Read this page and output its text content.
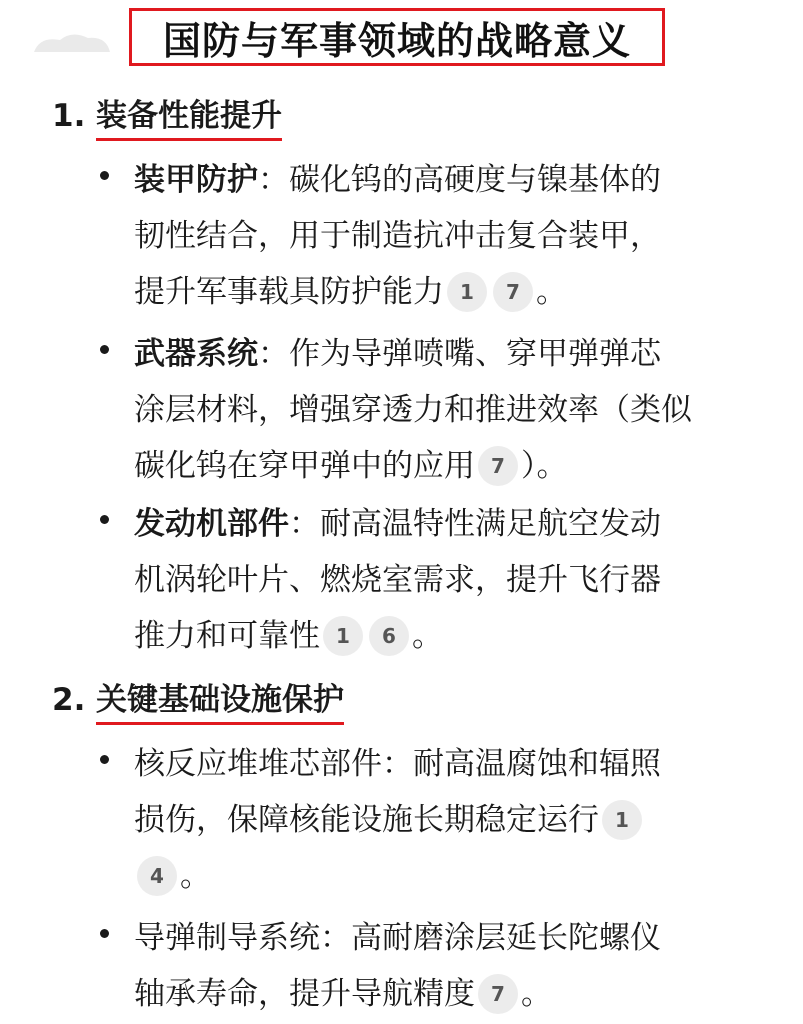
国防与军事领域的战略意义
1. 装备性能提升
装甲防护 ：碳化钨的高硬度与镍基体的
韧性结合，用于制造抗冲击复合装甲，
提升军事载具防护能力 1	7 。
武器系统 ：作为导弹喷嘴、穿甲弹弹芯
涂层材料，增强穿透力和推进效率（类似
碳化钨在穿甲弹中的应用 7 ）。
发动机部件 ：耐高温特性满足航空发动
机涡轮叶片、燃烧室需求，提升飞行器
推力和可靠性 1	6 。
2. 关键基础设施保护
核反应堆堆芯部件：耐高温腐蚀和辐照
损伤，保障核能设施长期稳定运行 1
4 。
导弹制导系统：高耐磨涂层延长陀螺仪
轴承寿命，提升导航精度 7 。
